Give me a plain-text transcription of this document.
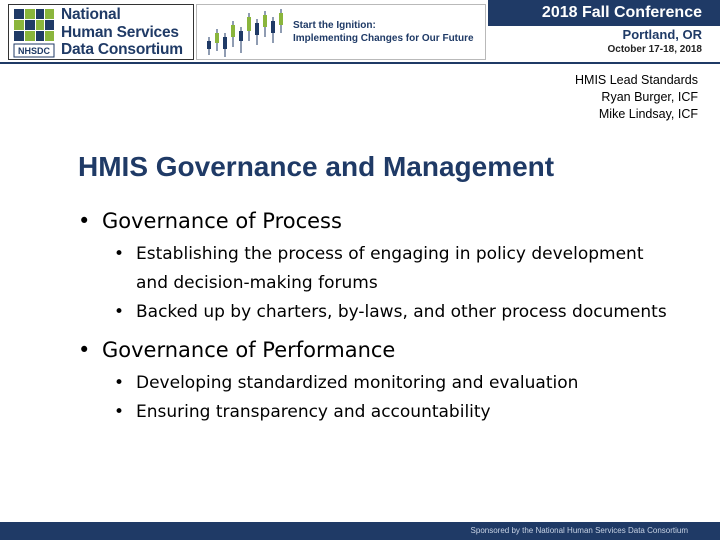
NHSDC
National
Human Services
Data Consortium
Start the Ignition:
Implementing Changes for Our Future
2018 Fall Conference
Portland, OR
October 17-18, 2018
HMIS Lead Standards
Ryan Burger, ICF
Mike Lindsay, ICF
HMIS Governance and Management
• Governance of Process
• Establishing the process of engaging in policy development and decision-making forums
• Backed up by charters, by-laws, and other process documents
• Governance of Performance
• Developing standardized monitoring and evaluation
• Ensuring transparency and accountability
Sponsored by the National Human Services Data Consortium
